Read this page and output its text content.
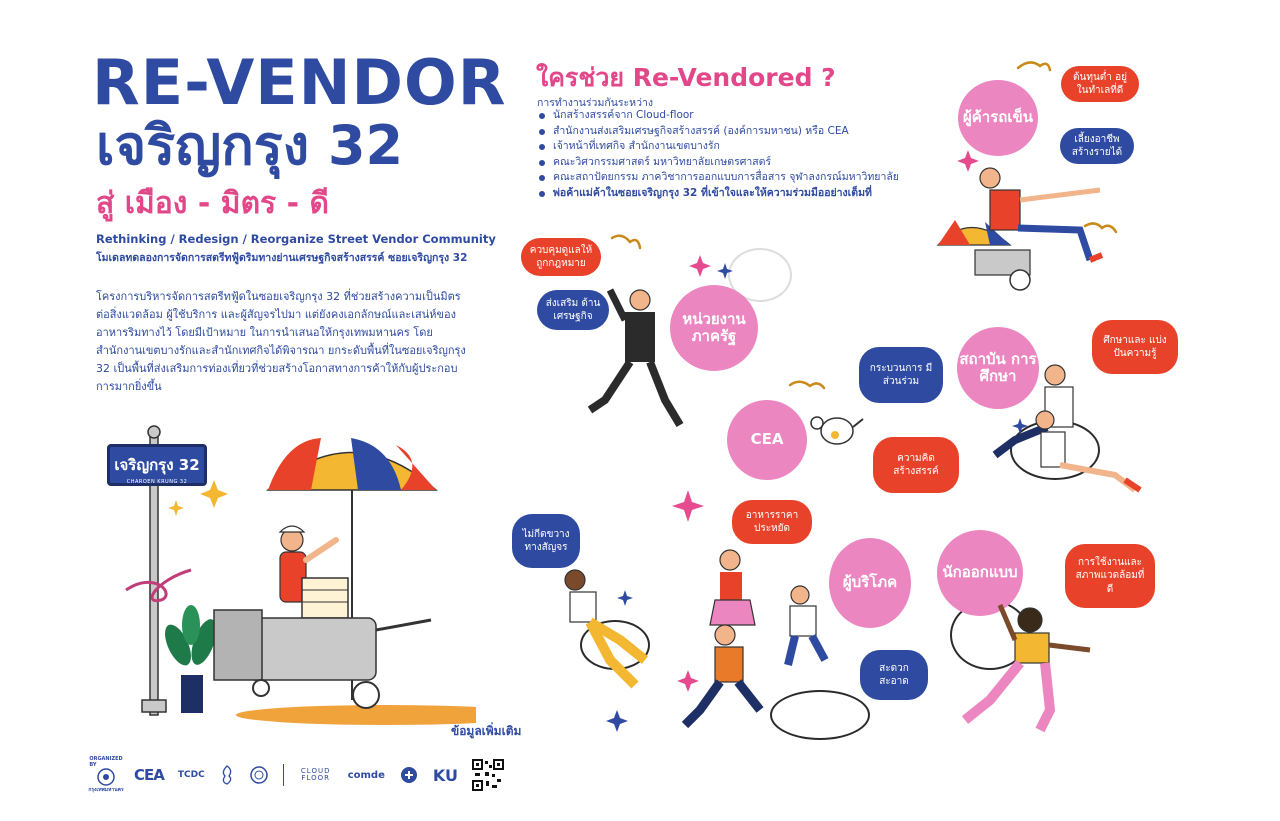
RE-VENDOR
เจริญกรุง 32
สู่ เมือง - มิตร - ดี
Rethinking / Redesign / Reorganize Street Vendor Community
โมเดลทดลองการจัดการสตรีทฟู้ดริมทางย่านเศรษฐกิจสร้างสรรค์ ซอยเจริญกรุง 32
โครงการบริหารจัดการสตรีทฟู้ดในซอยเจริญกรุง 32 ที่ช่วยสร้างความเป็นมิตรต่อสิ่งแวดล้อม ผู้ใช้บริการ และผู้สัญจรไปมา แต่ยังคงเอกลักษณ์และเสน่ห์ของอาหารริมทางไว้ โดยมีเป้าหมาย ในการนำเสนอให้กรุงเทพมหานคร โดยสำนักงานเขตบางรักและสำนักเทศกิจได้พิจารณา ยกระดับพื้นที่ในซอยเจริญกรุง 32 เป็นพื้นที่ส่งเสริมการท่องเที่ยวที่ช่วยสร้างโอกาสทางการค้าให้กับผู้ประกอบการมากยิ่งขึ้น
เจริญกรุง 32
CHAROEN KRUNG 32
ข้อมูลเพิ่มเติม
ORGANIZED BY
กรุงเทพมหานคร
CEA TCDC	CLOUD FLOOR	comde	KU
ใครช่วย Re-Vendored ?
การทำงานร่วมกันระหว่าง
นักสร้างสรรค์จาก Cloud-floor
สำนักงานส่งเสริมเศรษฐกิจสร้างสรรค์ (องค์การมหาชน) หรือ CEA
เจ้าหน้าที่เทศกิจ สำนักงานเขตบางรัก
คณะวิศวกรรมศาสตร์ มหาวิทยาลัยเกษตรศาสตร์
คณะสถาปัตยกรรม ภาควิชาการออกแบบการสื่อสาร จุฬาลงกรณ์มหาวิทยาลัย
พ่อค้าแม่ค้าในซอยเจริญกรุง 32 ที่เข้าใจและให้ความร่วมมืออย่างเต็มที่
ผู้ค้ารถเข็น
ต้นทุนต่ำ อยู่ในทำเลที่ดี
เลี้ยงอาชีพ สร้างรายได้
หน่วยงาน ภาครัฐ
ควบคุมดูแลให้ ถูกกฎหมาย
ส่งเสริม ด้านเศรษฐกิจ
สถาบัน การศึกษา
ศึกษาและ แบ่งปันความรู้
CEA
กระบวนการ มีส่วนร่วม
ความคิด สร้างสรรค์
ผู้บริโภค
อาหารราคา ประหยัด
ไม่กีดขวาง ทางสัญจร
สะดวก สะอาด
นักออกแบบ
การใช้งานและ สภาพแวดล้อมที่ดี
